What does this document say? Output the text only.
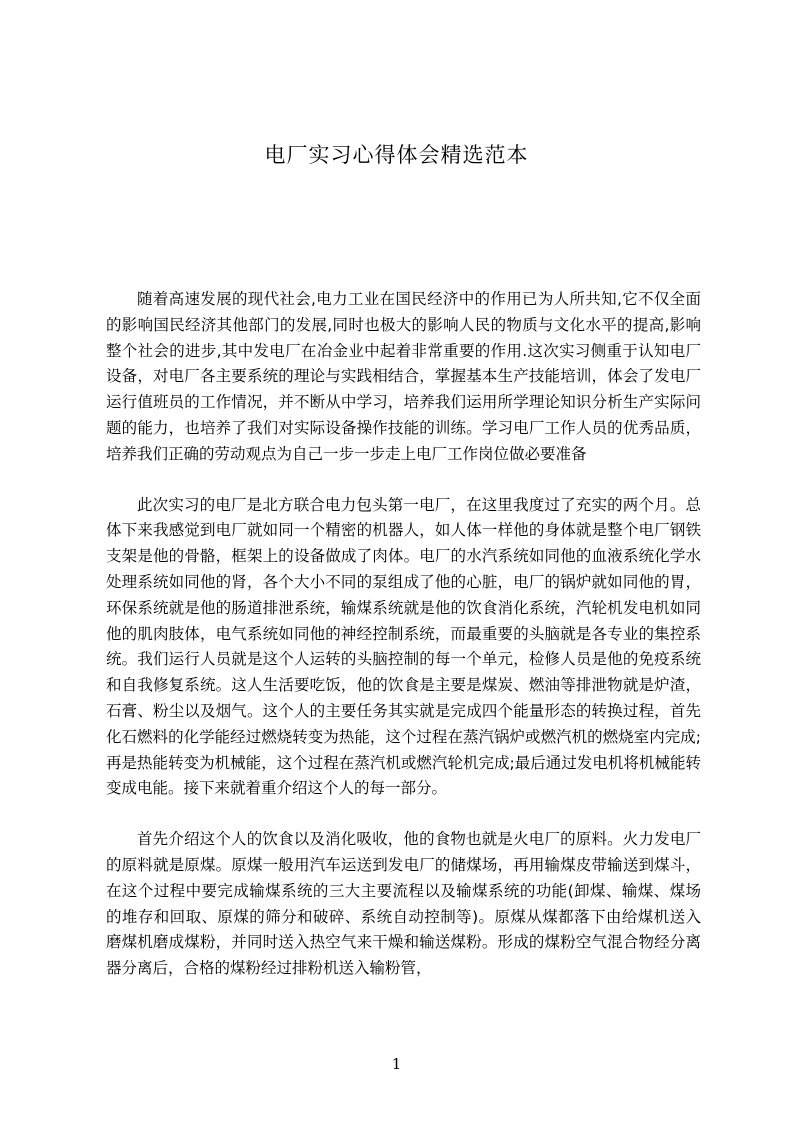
电厂实习心得体会精选范本

随着高速发展的现代社会,电力工业在国民经济中的作用已为人所共知,它不仅全面的影响国民经济其他部门的发展,同时也极大的影响人民的物质与文化水平的提高,影响整个社会的进步,其中发电厂在冶金业中起着非常重要的作用.这次实习侧重于认知电厂设备，对电厂各主要系统的理论与实践相结合，掌握基本生产技能培训，体会了发电厂运行值班员的工作情况，并不断从中学习，培养我们运用所学理论知识分析生产实际问题的能力，也培养了我们对实际设备操作技能的训练。学习电厂工作人员的优秀品质，培养我们正确的劳动观点为自己一步一步走上电厂工作岗位做必要准备

此次实习的电厂是北方联合电力包头第一电厂，在这里我度过了充实的两个月。总体下来我感觉到电厂就如同一个精密的机器人，如人体一样他的身体就是整个电厂钢铁支架是他的骨骼，框架上的设备做成了肉体。电厂的水汽系统如同他的血液系统化学水处理系统如同他的肾，各个大小不同的泵组成了他的心脏，电厂的锅炉就如同他的胃，环保系统就是他的肠道排泄系统，输煤系统就是他的饮食消化系统，汽轮机发电机如同他的肌肉肢体，电气系统如同他的神经控制系统，而最重要的头脑就是各专业的集控系统。我们运行人员就是这个人运转的头脑控制的每一个单元，检修人员是他的免疫系统和自我修复系统。这人生活要吃饭，他的饮食是主要是煤炭、燃油等排泄物就是炉渣，石膏、粉尘以及烟气。这个人的主要任务其实就是完成四个能量形态的转换过程，首先化石燃料的化学能经过燃烧转变为热能，这个过程在蒸汽锅炉或燃汽机的燃烧室内完成;再是热能转变为机械能，这个过程在蒸汽机或燃汽轮机完成;最后通过发电机将机械能转变成电能。接下来就着重介绍这个人的每一部分。

首先介绍这个人的饮食以及消化吸收，他的食物也就是火电厂的原料。火力发电厂的原料就是原煤。原煤一般用汽车运送到发电厂的储煤场，再用输煤皮带输送到煤斗，在这个过程中要完成输煤系统的三大主要流程以及输煤系统的功能(卸煤、输煤、煤场的堆存和回取、原煤的筛分和破碎、系统自动控制等)。原煤从煤都落下由给煤机送入磨煤机磨成煤粉，并同时送入热空气来干燥和输送煤粉。形成的煤粉空气混合物经分离器分离后，合格的煤粉经过排粉机送入输粉管，

1
